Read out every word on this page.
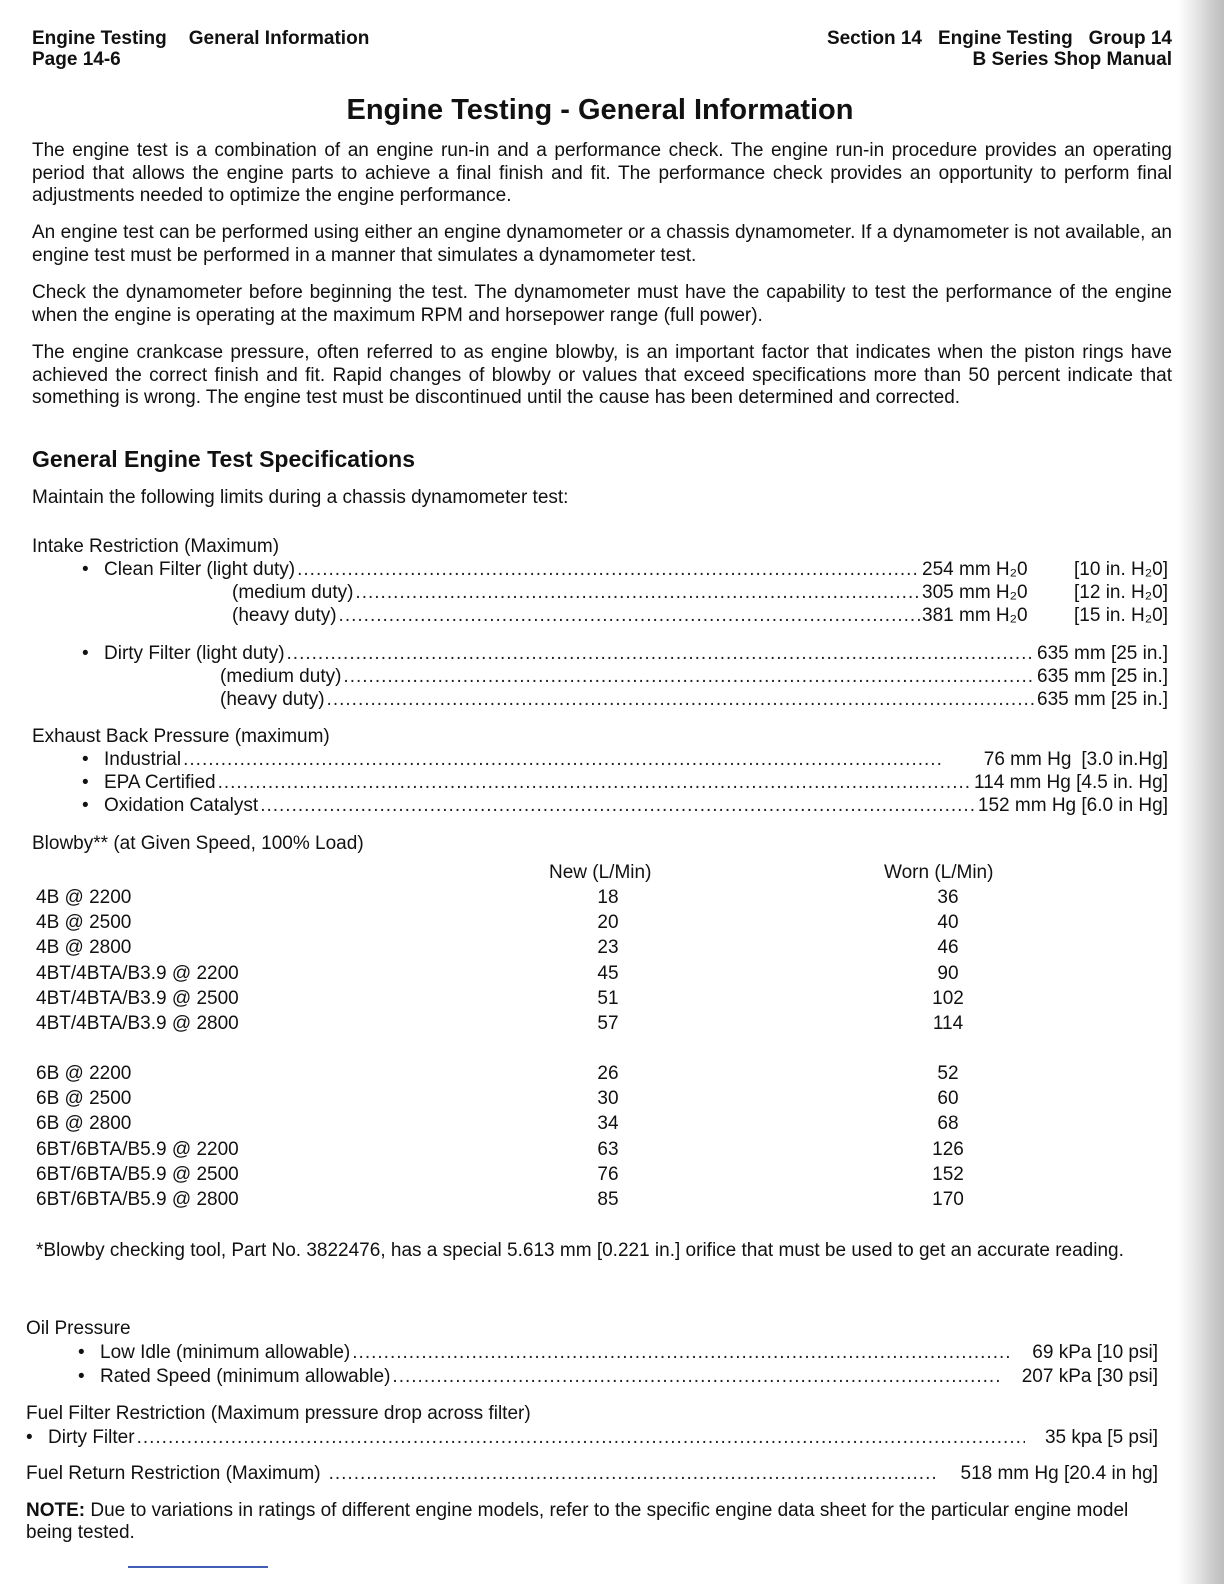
Engine Testing General Information
Page 14-6
Section 14 Engine Testing   Group 14
B Series Shop Manual
Engine Testing - General Information

The engine test is a combination of an engine run-in and a performance check. The engine run-in procedure provides an operating period that allows the engine parts to achieve a final finish and fit. The performance check provides an opportunity to perform final adjustments needed to optimize the engine performance.

An engine test can be performed using either an engine dynamometer or a chassis dynamometer. If a dynamometer is not available, an engine test must be performed in a manner that simulates a dynamometer test.

Check the dynamometer before beginning the test. The dynamometer must have the capability to test the performance of the engine when the engine is operating at the maximum RPM and horsepower range (full power).

The engine crankcase pressure, often referred to as engine blowby, is an important factor that indicates when the piston rings have achieved the correct finish and fit. Rapid changes of blowby or values that exceed specifications more than 50 percent indicate that something is wrong. The engine test must be discontinued until the cause has been determined and corrected.

General Engine Test Specifications
Maintain the following limits during a chassis dynamometer test:
Intake Restriction (Maximum)
• Clean Filter (light duty) .....	254 mm H₂0	[10 in. H₂0]
(medium duty) .....	305 mm H₂0	[12 in. H₂0]
(heavy duty) .....	381 mm H₂0	[15 in. H₂0]
• Dirty Filter (light duty) .....	635 mm [25 in.]
(medium duty) .....	635 mm [25 in.]
(heavy duty) .....	635 mm [25 in.]
Exhaust Back Pressure (maximum)
• Industrial .....	76 mm Hg [3.0 in.Hg]
• EPA Certified .....	114 mm Hg [4.5 in. Hg]
• Oxidation Catalyst .....	152 mm Hg [6.0 in Hg]
Blowby** (at Given Speed, 100% Load)
New (L/Min)	Worn (L/Min)
4B @ 2200	18	36
4B @ 2500	20	40
4B @ 2800	23	46
4BT/4BTA/B3.9 @ 2200	45	90
4BT/4BTA/B3.9 @ 2500	51	102
4BT/4BTA/B3.9 @ 2800	57	114
6B @ 2200	26	52
6B @ 2500	30	60
6B @ 2800	34	68
6BT/6BTA/B5.9 @ 2200	63	126
6BT/6BTA/B5.9 @ 2500	76	152
6BT/6BTA/B5.9 @ 2800	85	170
*Blowby checking tool, Part No. 3822476, has a special 5.613 mm [0.221 in.] orifice that must be used to get an accurate reading.
Oil Pressure
• Low Idle (minimum allowable) .....	69 kPa [10 psi]
• Rated Speed (minimum allowable) .....	207 kPa [30 psi]
Fuel Filter Restriction (Maximum pressure drop across filter)
• Dirty Filter .....	35 kpa [5 psi]
Fuel Return Restriction (Maximum) .....	518 mm Hg [20.4 in hg]
NOTE: Due to variations in ratings of different engine models, refer to the specific engine data sheet for the particular engine model being tested.
